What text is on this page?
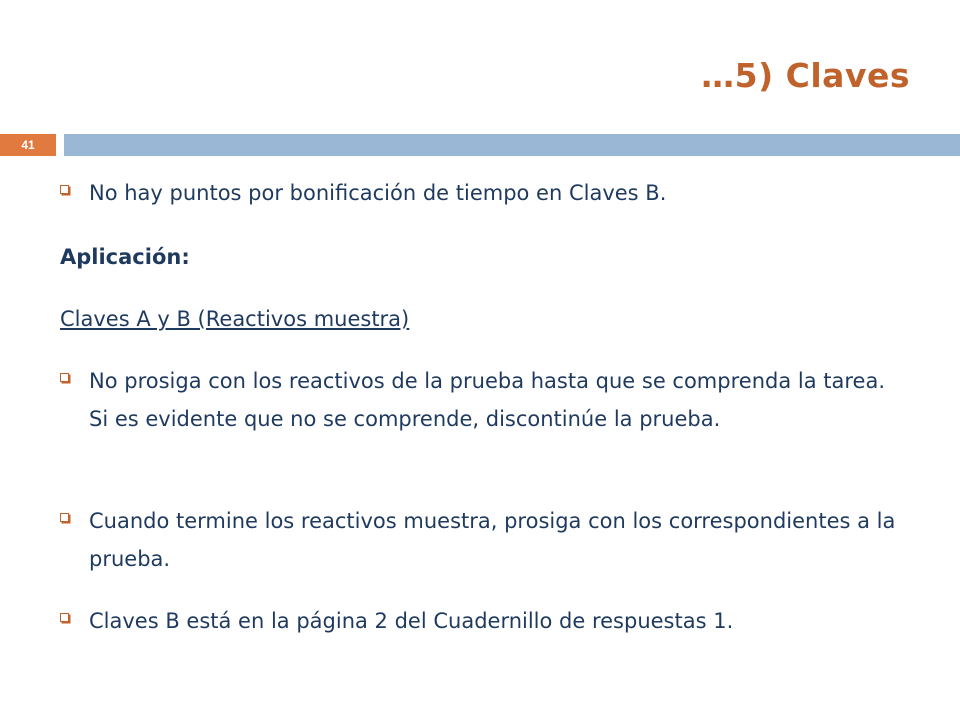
…5) Claves
41
No hay puntos por bonificación de tiempo en Claves B.
Aplicación:
Claves A y B (Reactivos muestra)
No prosiga con los reactivos de la prueba hasta que se comprenda la tarea. Si es evidente que no se comprende, discontinúe la prueba.
Cuando termine los reactivos muestra, prosiga con los correspondientes a la prueba.
Claves B está en la página 2 del Cuadernillo de respuestas 1.
